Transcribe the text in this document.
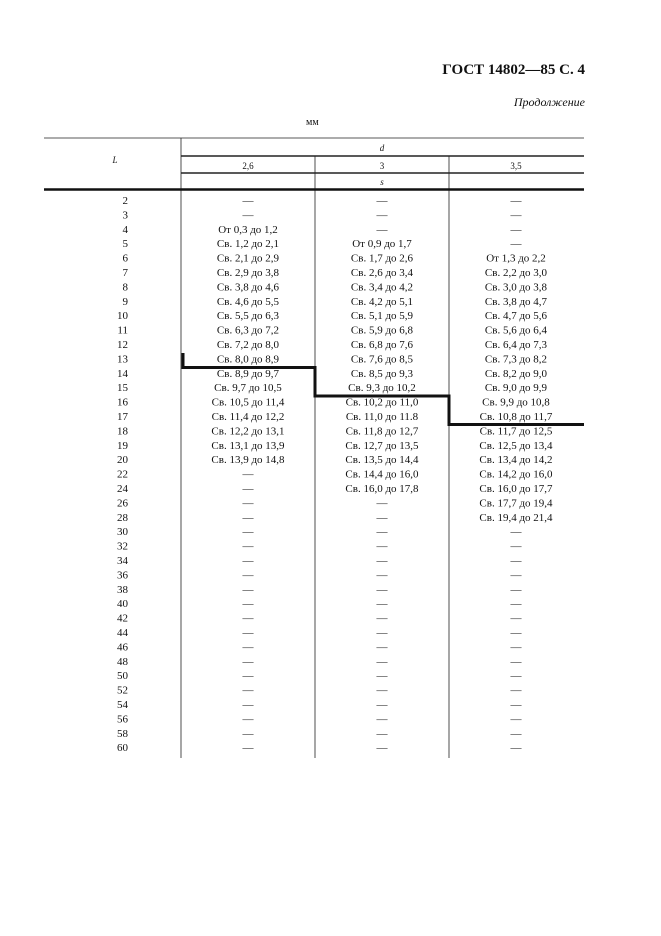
ГОСТ 14802—85 С. 4
Продолжение
мм
L
d
2,6	3	3,5
s
2	—	—	—
3	—	—	—
4	От 0,3 до 1,2	—	—
5	Св. 1,2 до 2,1	От 0,9 до 1,7	—
6	Св. 2,1 до 2,9	Св. 1,7 до 2,6	От 1,3 до 2,2
7	Св. 2,9 до 3,8	Св. 2,6 до 3,4	Св. 2,2 до 3,0
8	Св. 3,8 до 4,6	Св. 3,4 до 4,2	Св. 3,0 до 3,8
9	Св. 4,6 до 5,5	Св. 4,2 до 5,1	Св. 3,8 до 4,7
10	Св. 5,5 до 6,3	Св. 5,1 до 5,9	Св. 4,7 до 5,6
11	Св. 6,3 до 7,2	Св. 5,9 до 6,8	Св. 5,6 до 6,4
12	Св. 7,2 до 8,0	Св. 6,8 до 7,6	Св. 6,4 до 7,3
13	Св. 8,0 до 8,9	Св. 7,6 до 8,5	Св. 7,3 до 8,2
14	Св. 8,9 до 9,7	Св. 8,5 до 9,3	Св. 8,2 до 9,0
15	Св. 9,7 до 10,5	Св. 9,3 до 10,2	Св. 9,0 до 9,9
16	Св. 10,5 до 11,4	Св. 10,2 до 11,0	Св. 9,9 до 10,8
17	Св. 11,4 до 12,2	Св. 11,0 до 11.8	Св. 10,8 до 11,7
18	Св. 12,2 до 13,1	Св. 11,8 до 12,7	Св. 11,7 до 12,5
19	Св. 13,1 до 13,9	Св. 12,7 до 13,5	Св. 12,5 до 13,4
20	Св. 13,9 до 14,8	Св. 13,5 до 14,4	Св. 13,4 до 14,2
22	—	Св. 14,4 до 16,0	Св. 14,2 до 16,0
24	—	Св. 16,0 до 17,8	Св. 16,0 до 17,7
26	—	—	Св. 17,7 до 19,4
28	—	—	Св. 19,4 до 21,4
30	—	—	—
32	—	—	—
34	—	—	—
36	—	—	—
38	—	—	—
40	—	—	—
42	—	—	—
44	—	—	—
46	—	—	—
48	—	—	—
50	—	—	—
52	—	—	—
54	—	—	—
56	—	—	—
58	—	—	—
60	—	—	—
